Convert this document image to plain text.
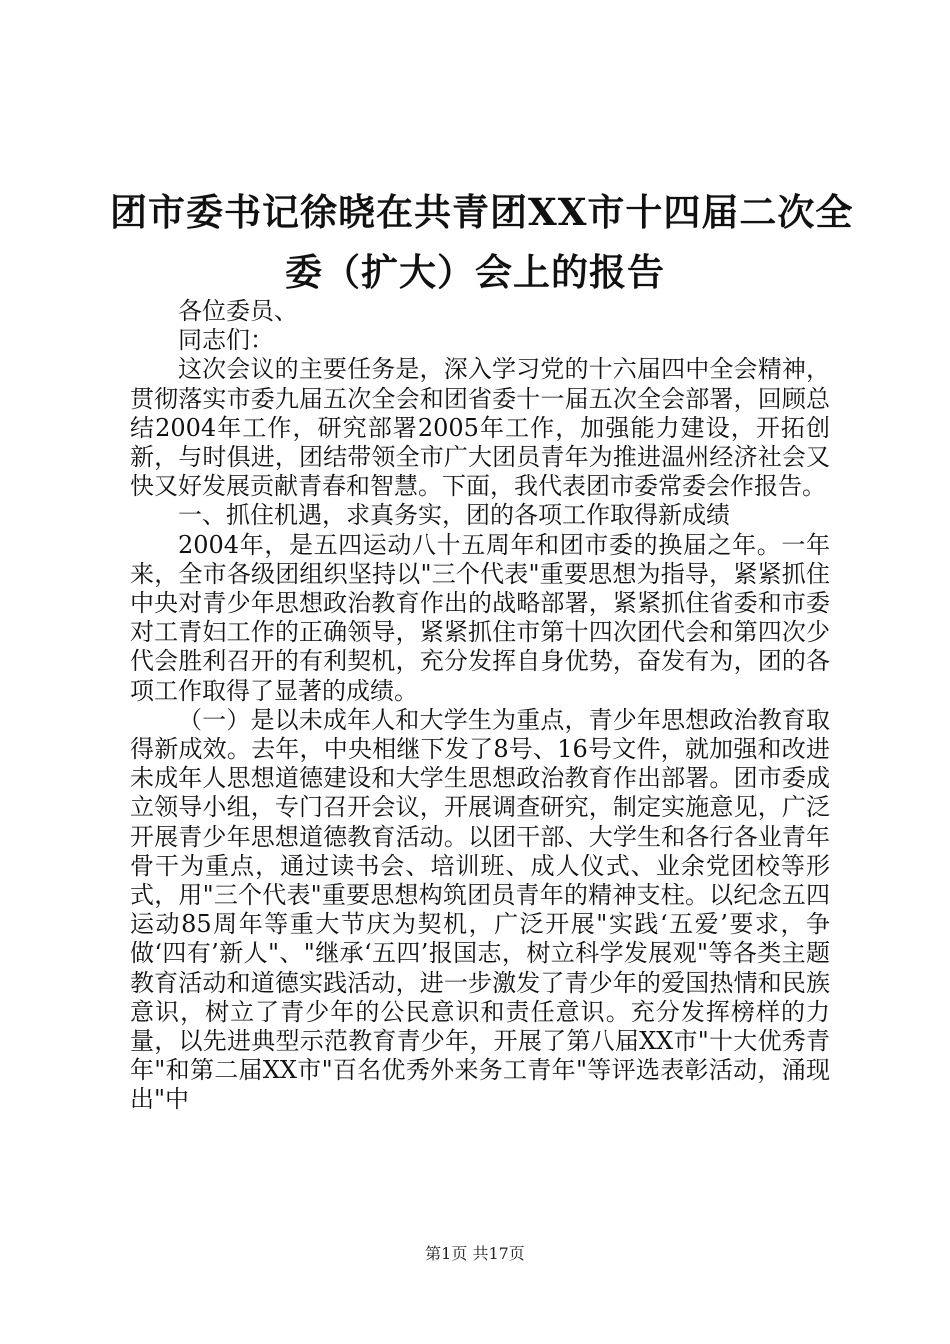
团市委书记徐晓在共青团XX市十四届二次全
委（扩大）会上的报告

各位委员、

同志们：

这次会议的主要任务是，深入学习党的十六届四中全会精神，贯彻落实市委九届五次全会和团省委十一届五次全会部署，回顾总结2004年工作，研究部署2005年工作，加强能力建设，开拓创新，与时俱进，团结带领全市广大团员青年为推进温州经济社会又快又好发展贡献青春和智慧。下面，我代表团市委常委会作报告。

一、抓住机遇，求真务实，团的各项工作取得新成绩

2004年，是五四运动八十五周年和团市委的换届之年。一年来，全市各级团组织坚持以"三个代表"重要思想为指导，紧紧抓住中央对青少年思想政治教育作出的战略部署，紧紧抓住省委和市委对工青妇工作的正确领导，紧紧抓住市第十四次团代会和第四次少代会胜利召开的有利契机，充分发挥自身优势，奋发有为，团的各项工作取得了显著的成绩。

（一）是以未成年人和大学生为重点，青少年思想政治教育取得新成效。去年，中央相继下发了8号、16号文件，就加强和改进未成年人思想道德建设和大学生思想政治教育作出部署。团市委成立领导小组，专门召开会议，开展调查研究，制定实施意见，广泛开展青少年思想道德教育活动。以团干部、大学生和各行各业青年骨干为重点，通过读书会、培训班、成人仪式、业余党团校等形式，用"三个代表"重要思想构筑团员青年的精神支柱。以纪念五四运动85周年等重大节庆为契机，广泛开展"实践‘五爱’要求，争做‘四有’新人"、"继承‘五四’报国志，树立科学发展观"等各类主题教育活动和道德实践活动，进一步激发了青少年的爱国热情和民族意识，树立了青少年的公民意识和责任意识。充分发挥榜样的力量，以先进典型示范教育青少年，开展了第八届XX市"十大优秀青年"和第二届XX市"百名优秀外来务工青年"等评选表彰活动，涌现出"中

第1页 共17页
